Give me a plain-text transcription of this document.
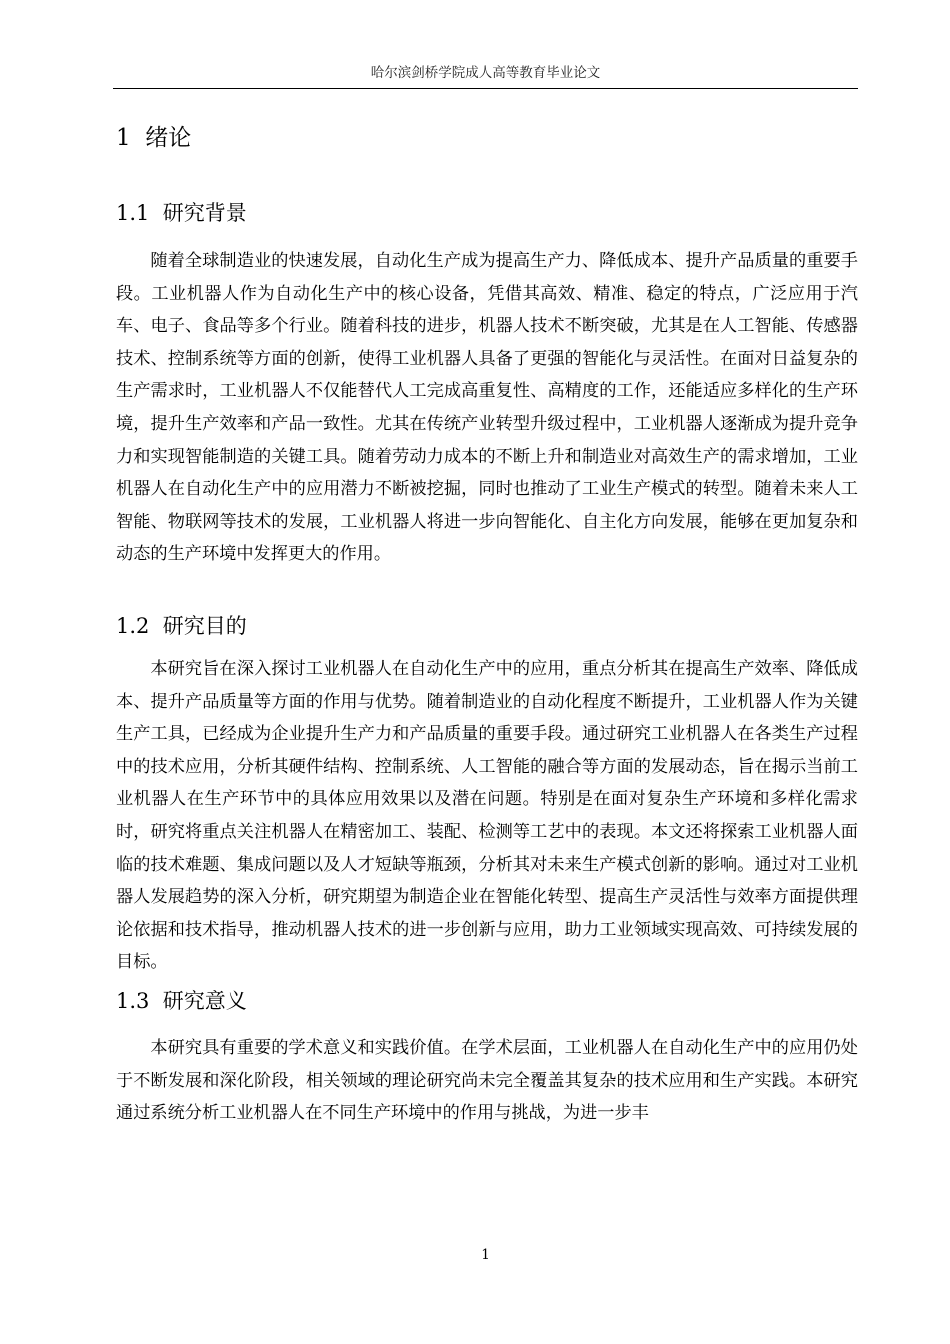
哈尔滨剑桥学院成人高等教育毕业论文
1 绪论
1.1 研究背景

随着全球制造业的快速发展，自动化生产成为提高生产力、降低成本、提升产品质量的重要手段。工业机器人作为自动化生产中的核心设备，凭借其高效、精准、稳定的特点，广泛应用于汽车、电子、食品等多个行业。随着科技的进步，机器人技术不断突破，尤其是在人工智能、传感器技术、控制系统等方面的创新，使得工业机器人具备了更强的智能化与灵活性。在面对日益复杂的生产需求时，工业机器人不仅能替代人工完成高重复性、高精度的工作，还能适应多样化的生产环境，提升生产效率和产品一致性。尤其在传统产业转型升级过程中，工业机器人逐渐成为提升竞争力和实现智能制造的关键工具。随着劳动力成本的不断上升和制造业对高效生产的需求增加，工业机器人在自动化生产中的应用潜力不断被挖掘，同时也推动了工业生产模式的转型。随着未来人工智能、物联网等技术的发展，工业机器人将进一步向智能化、自主化方向发展，能够在更加复杂和动态的生产环境中发挥更大的作用。

1.2 研究目的

本研究旨在深入探讨工业机器人在自动化生产中的应用，重点分析其在提高生产效率、降低成本、提升产品质量等方面的作用与优势。随着制造业的自动化程度不断提升，工业机器人作为关键生产工具，已经成为企业提升生产力和产品质量的重要手段。通过研究工业机器人在各类生产过程中的技术应用，分析其硬件结构、控制系统、人工智能的融合等方面的发展动态，旨在揭示当前工业机器人在生产环节中的具体应用效果以及潜在问题。特别是在面对复杂生产环境和多样化需求时，研究将重点关注机器人在精密加工、装配、检测等工艺中的表现。本文还将探索工业机器人面临的技术难题、集成问题以及人才短缺等瓶颈，分析其对未来生产模式创新的影响。通过对工业机器人发展趋势的深入分析，研究期望为制造企业在智能化转型、提高生产灵活性与效率方面提供理论依据和技术指导，推动机器人技术的进一步创新与应用，助力工业领域实现高效、可持续发展的目标。

1.3 研究意义

本研究具有重要的学术意义和实践价值。在学术层面，工业机器人在自动化生产中的应用仍处于不断发展和深化阶段，相关领域的理论研究尚未完全覆盖其复杂的技术应用和生产实践。本研究通过系统分析工业机器人在不同生产环境中的作用与挑战，为进一步丰

1
